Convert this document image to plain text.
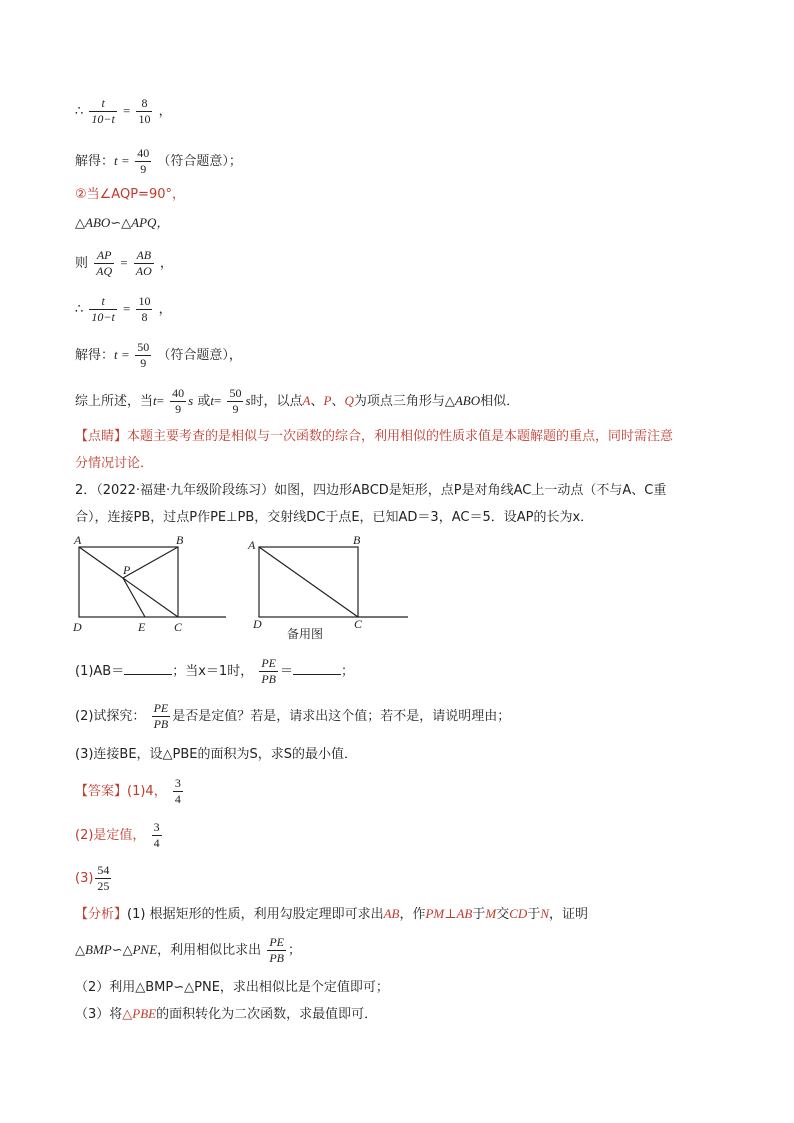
∴ $\frac{t}{10-t} = \frac{8}{10}$ ，
解得：$t = \frac{40}{9}$ （符合题意）；
②当∠AQP=90°，
△ABO∽△APQ，
则 $\frac{AP}{AQ} = \frac{AB}{AO}$ ，
∴ $\frac{t}{10-t} = \frac{10}{8}$ ，
解得：$t = \frac{50}{9}$ （符合题意），
综上所述，当$t= \frac{40}{9}$ s 或$t= \frac{50}{9}$ s时，以点A、P、Q为项点三角形与△ABO相似．
【点睛】本题主要考查的是相似与一次函数的综合，利用相似的性质求值是本题解题的重点，同时需注意
分情况讨论．
2．（2022·福建·九年级阶段练习）如图，四边形ABCD是矩形，点P是对角线AC上一动点（不与A、C重
合），连接PB，过点P作PE⊥PB，交射线DC于点E，已知AD＝3，AC＝5．设AP的长为x．
A	B
P
D	E C
A	B
D	C
备用图
(1)AB＝	；当x＝1时， $\frac{PE}{PB}$ ＝	；
(2)试探究： $\frac{PE}{PB}$ 是否是定值？若是，请求出这个值；若不是，请说明理由；
(3)连接BE，设△PBE的面积为S，求S的最小值．
【答案】(1)4， $\frac{3}{4}$
(2)是定值， $\frac{3}{4}$
$(3) \frac{54}{25}$
【分析】(1) 根据矩形的性质，利用勾股定理即可求出AB，作PM⊥AB于M交CD于N，证明
△BMP∽△PNE，利用相似比求出 $\frac{PE}{PB}$ ；
（2）利用△BMP∽△PNE，求出相似比是个定值即可；
（3）将△PBE的面积转化为二次函数，求最值即可．
